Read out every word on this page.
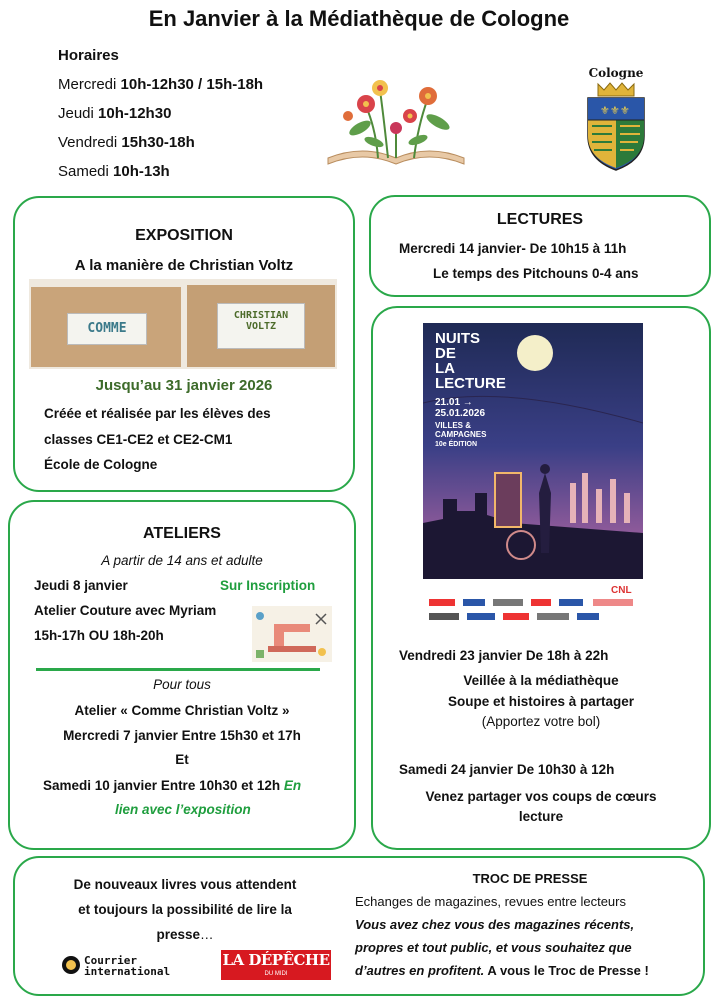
En Janvier à la Médiathèque de Cologne
Horaires
Mercredi 10h-12h30 / 15h-18h
Jeudi 10h-12h30
Vendredi 15h30-18h
Samedi 10h-13h
Cologne
⚜ ⚜ ⚜
EXPOSITION
A la manière de Christian Voltz
COMME
CHRISTIAN VOLTZ
Jusqu’au 31 janvier 2026
Créée et réalisée par les élèves des
classes CE1-CE2 et CE2-CM1
École de Cologne
LECTURES
Mercredi 14 janvier- De 10h15 à 11h
Le temps des Pitchouns 0-4 ans
NUITS
DE
LA
LECTURE
21.01 → 25.01.2026
VILLES & CAMPAGNES
10e ÉDITION
CNL
Vendredi 23 janvier De 18h à 22h
Veillée à la médiathèque
Soupe et histoires à partager
(Apportez votre bol)
Samedi 24 janvier De 10h30 à 12h
Venez partager vos coups de cœurs
lecture
ATELIERS
A partir de 14 ans et adulte
Jeudi 8 janvier	Sur Inscription
Atelier Couture avec Myriam
15h-17h OU 18h-20h
Pour tous
Atelier « Comme Christian Voltz »
Mercredi 7 janvier Entre 15h30 et 17h
Et
Samedi 10 janvier Entre 10h30 et 12h En
lien avec l’exposition
De nouveaux livres vous attendent
et toujours la possibilité de lire la
presse…
Courrier
international
LA DÉPÊCHE
DU MIDI
TROC DE PRESSE
Echanges de magazines, revues entre lecteurs
Vous avez chez vous des magazines récents,
propres et tout public, et vous souhaitez que
d’autres en profitent. A vous le Troc de Presse !
